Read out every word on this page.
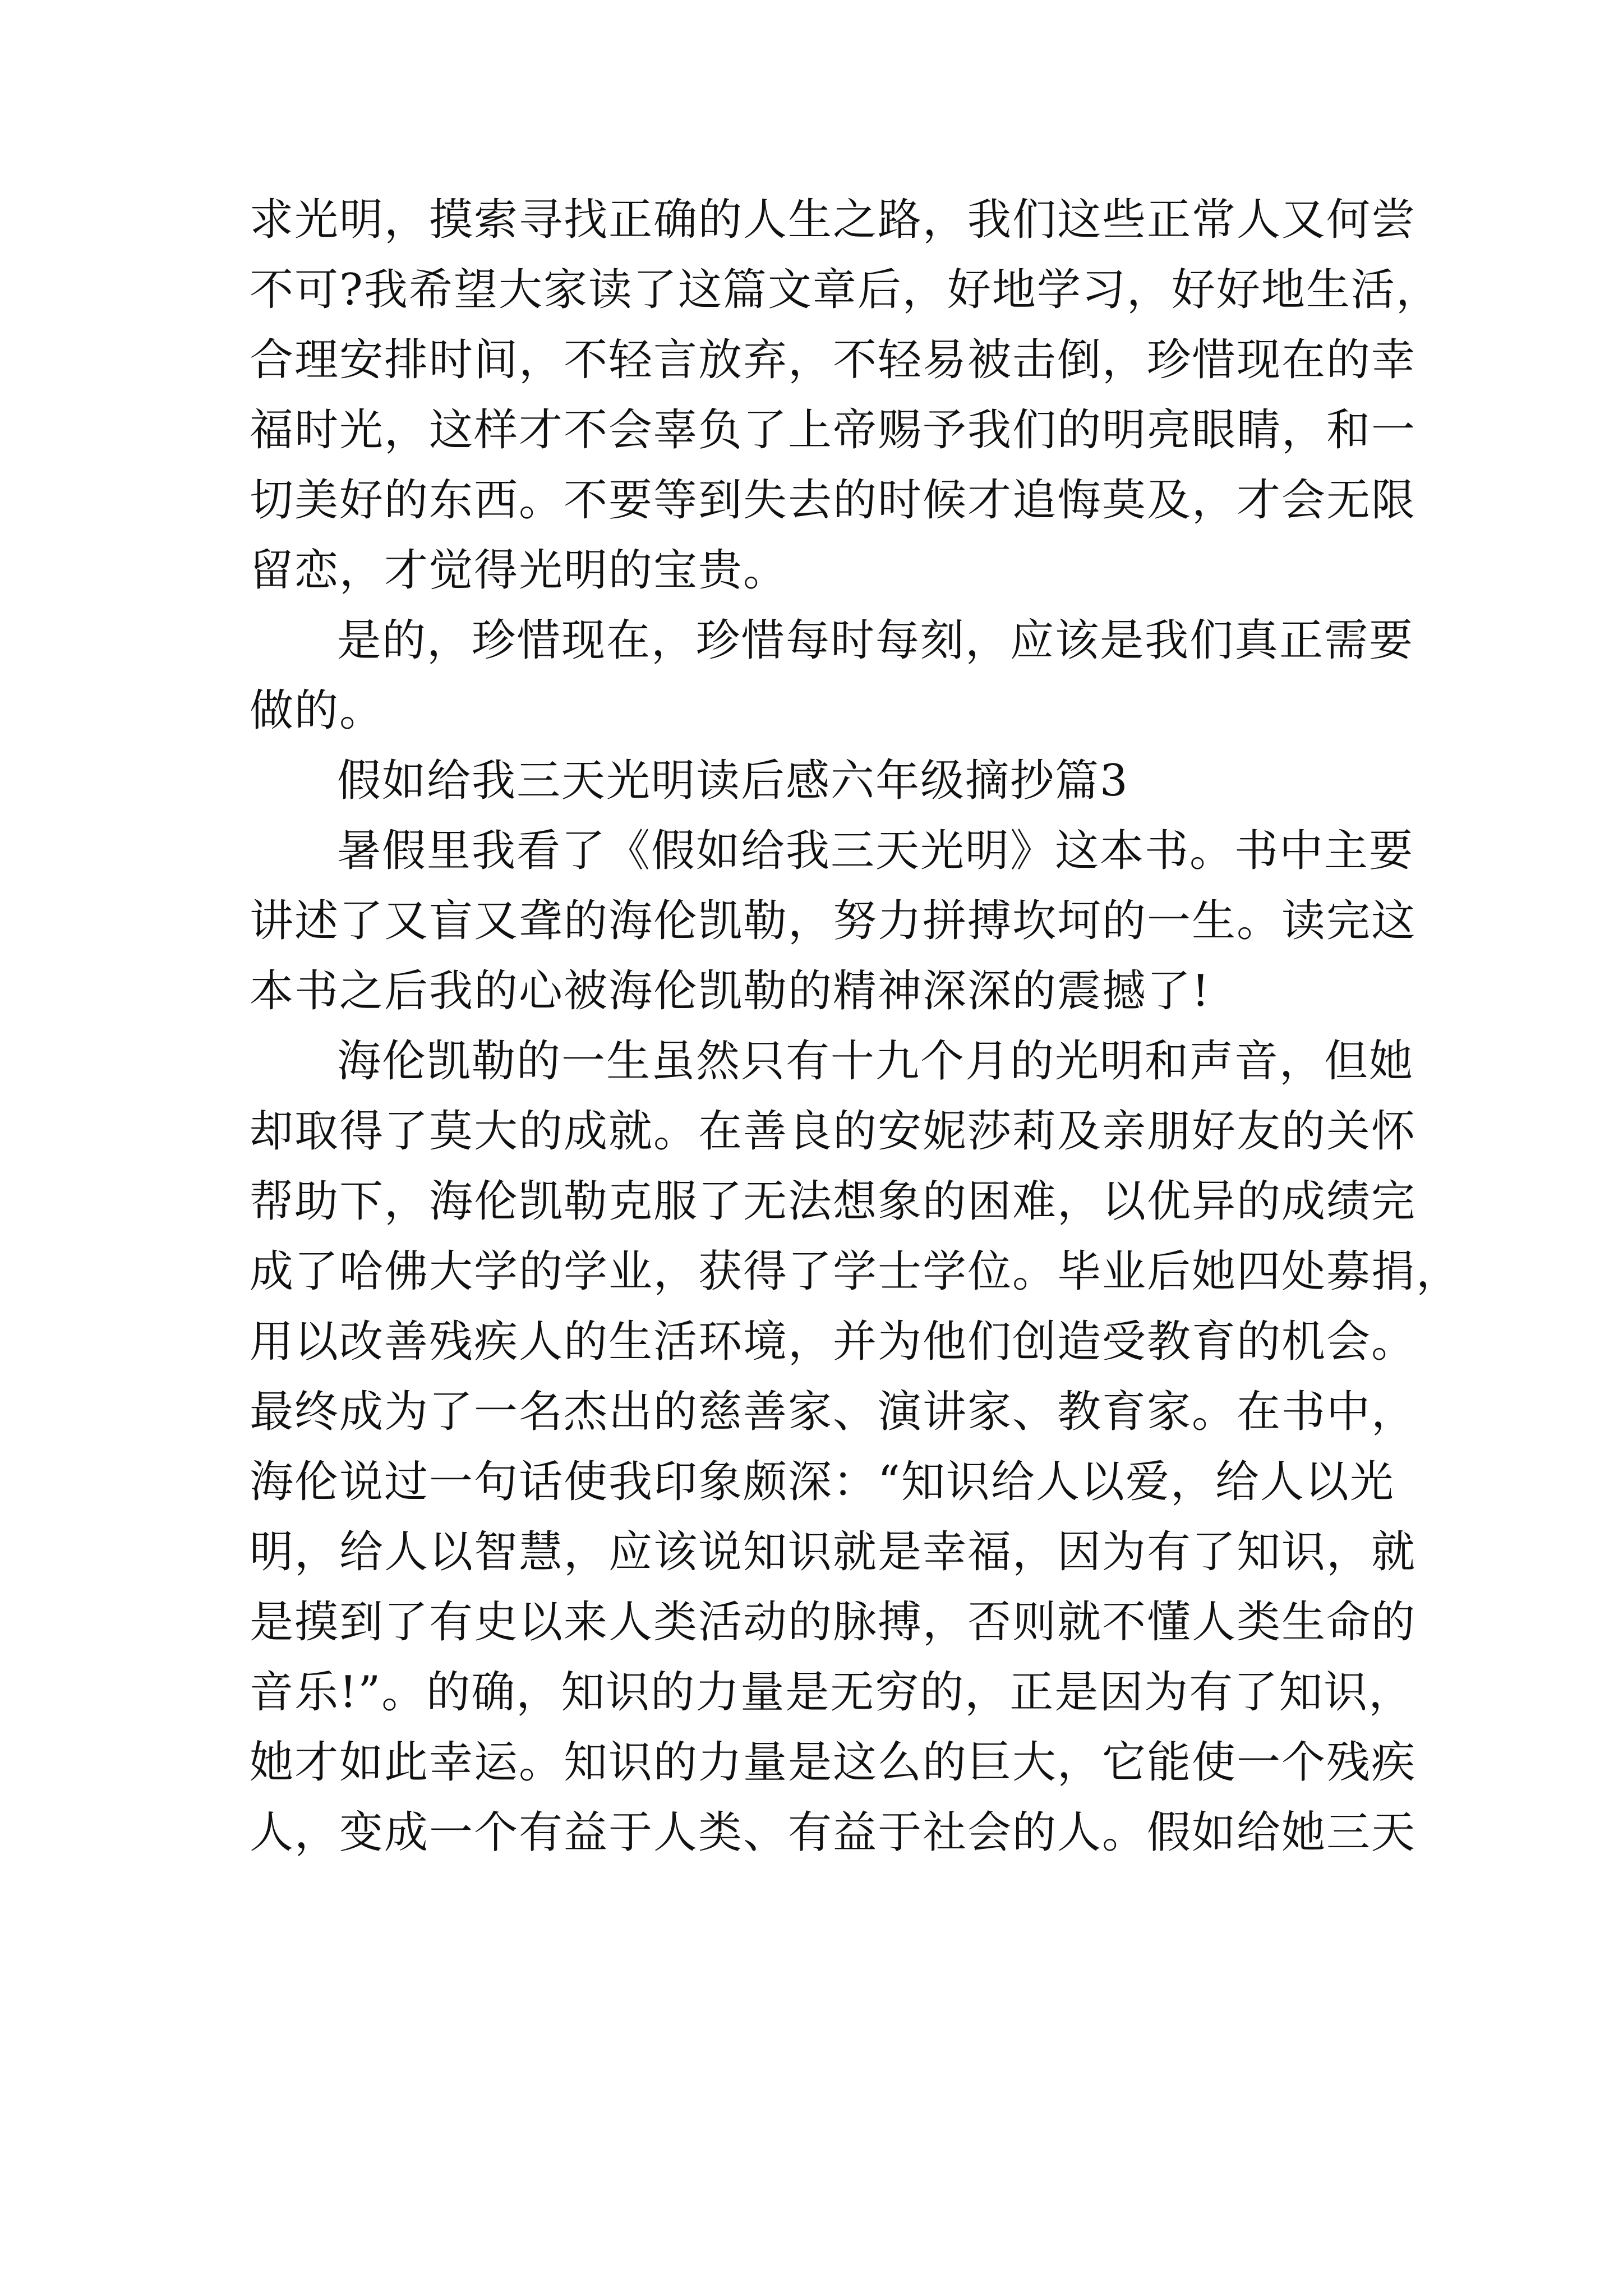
求光明，摸索寻找正确的人生之路，我们这些正常人又何尝
不可?我希望大家读了这篇文章后，好地学习，好好地生活，
合理安排时间，不轻言放弃，不轻易被击倒，珍惜现在的幸
福时光，这样才不会辜负了上帝赐予我们的明亮眼睛，和一
切美好的东西。不要等到失去的时候才追悔莫及，才会无限
留恋，才觉得光明的宝贵。
是的，珍惜现在，珍惜每时每刻，应该是我们真正需要
做的。
假如给我三天光明读后感六年级摘抄篇3
暑假里我看了《假如给我三天光明》这本书。书中主要
讲述了又盲又聋的海伦凯勒，努力拼搏坎坷的一生。读完这
本书之后我的心被海伦凯勒的精神深深的震撼了!
海伦凯勒的一生虽然只有十九个月的光明和声音，但她
却取得了莫大的成就。在善良的安妮莎莉及亲朋好友的关怀
帮助下，海伦凯勒克服了无法想象的困难，以优异的成绩完
成了哈佛大学的学业，获得了学士学位。毕业后她四处募捐，
用以改善残疾人的生活环境，并为他们创造受教育的机会。
最终成为了一名杰出的慈善家、演讲家、教育家。在书中，
海伦说过一句话使我印象颇深：“知识给人以爱，给人以光
明，给人以智慧，应该说知识就是幸福，因为有了知识，就
是摸到了有史以来人类活动的脉搏，否则就不懂人类生命的
音乐!”。的确，知识的力量是无穷的，正是因为有了知识，
她才如此幸运。知识的力量是这么的巨大，它能使一个残疾
人，变成一个有益于人类、有益于社会的人。假如给她三天
